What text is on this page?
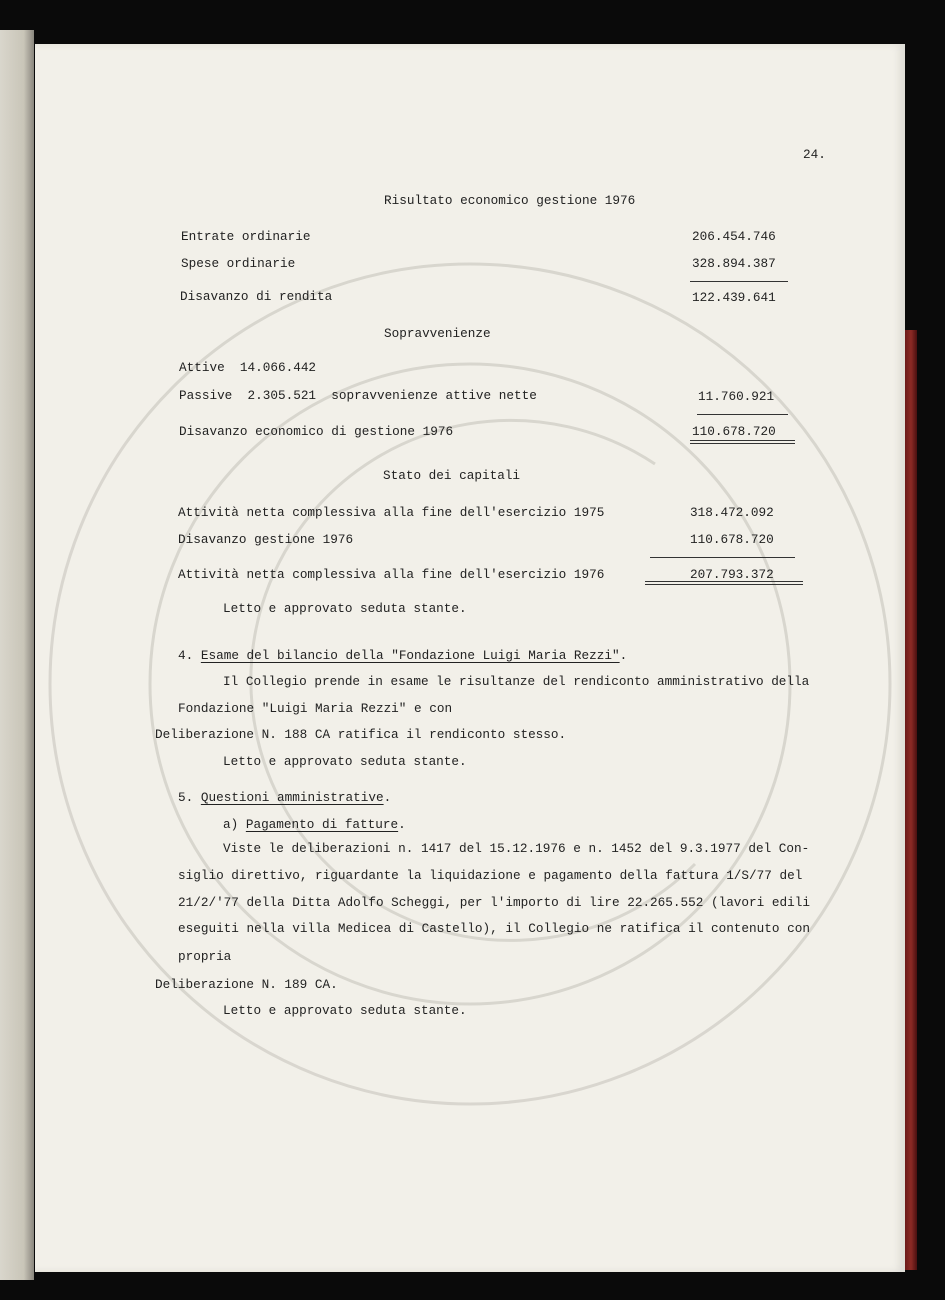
24.
Risultato economico gestione 1976
Entrate ordinarie	206.454.746
Spese ordinarie	328.894.387
Disavanzo di rendita	122.439.641
Sopravvenienze
Attive  14.066.442
Passive  2.305.521  sopravvenienze attive nette	11.760.921
Disavanzo economico di gestione 1976	110.678.720
Stato dei capitali
Attività netta complessiva alla fine dell'esercizio 1975	318.472.092
Disavanzo gestione 1976	110.678.720
Attività netta complessiva alla fine dell'esercizio 1976	207.793.372
Letto e approvato seduta stante.
4. Esame del bilancio della "Fondazione Luigi Maria Rezzi".
Il Collegio prende in esame le risultanze del rendiconto amministrativo della
Fondazione "Luigi Maria Rezzi" e con
Deliberazione N. 188 CA ratifica il rendiconto stesso.
Letto e approvato seduta stante.
5. Questioni amministrative.
a) Pagamento di fatture.
Viste le deliberazioni n. 1417 del 15.12.1976 e n. 1452 del 9.3.1977 del Con-
siglio direttivo, riguardante la liquidazione e pagamento della fattura 1/S/77 del
21/2/'77 della Ditta Adolfo Scheggi, per l'importo di lire 22.265.552 (lavori edili
eseguiti nella villa Medicea di Castello), il Collegio ne ratifica il contenuto con
propria
Deliberazione N. 189 CA.
Letto e approvato seduta stante.
